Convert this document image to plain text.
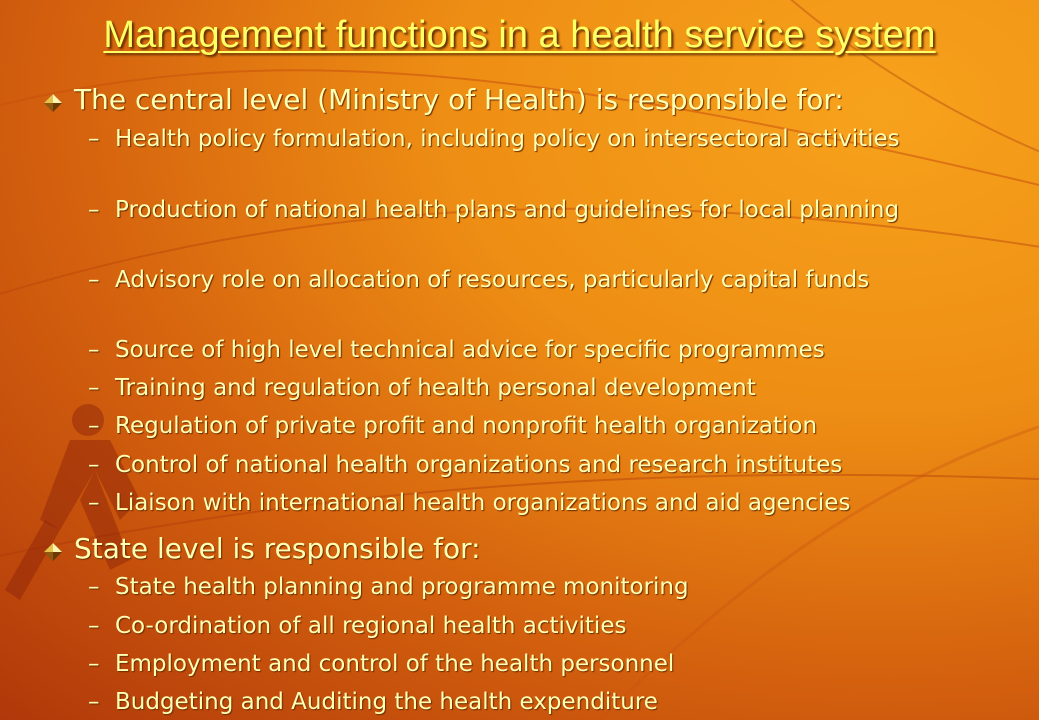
Management functions in a health service system
The central level (Ministry of Health) is responsible for:
– Health policy formulation, including policy on intersectoral activities
– Production of national health plans and guidelines for local planning
– Advisory role on allocation of resources, particularly capital funds
– Source of high level technical advice for specific programmes
– Training and regulation of health personal development
– Regulation of private profit and nonprofit health organization
– Control of national health organizations and research institutes
– Liaison with international health organizations and aid agencies
State level is responsible for:
– State health planning and programme monitoring
– Co-ordination of all regional health activities
– Employment and control of the health personnel
– Budgeting and Auditing the health expenditure
